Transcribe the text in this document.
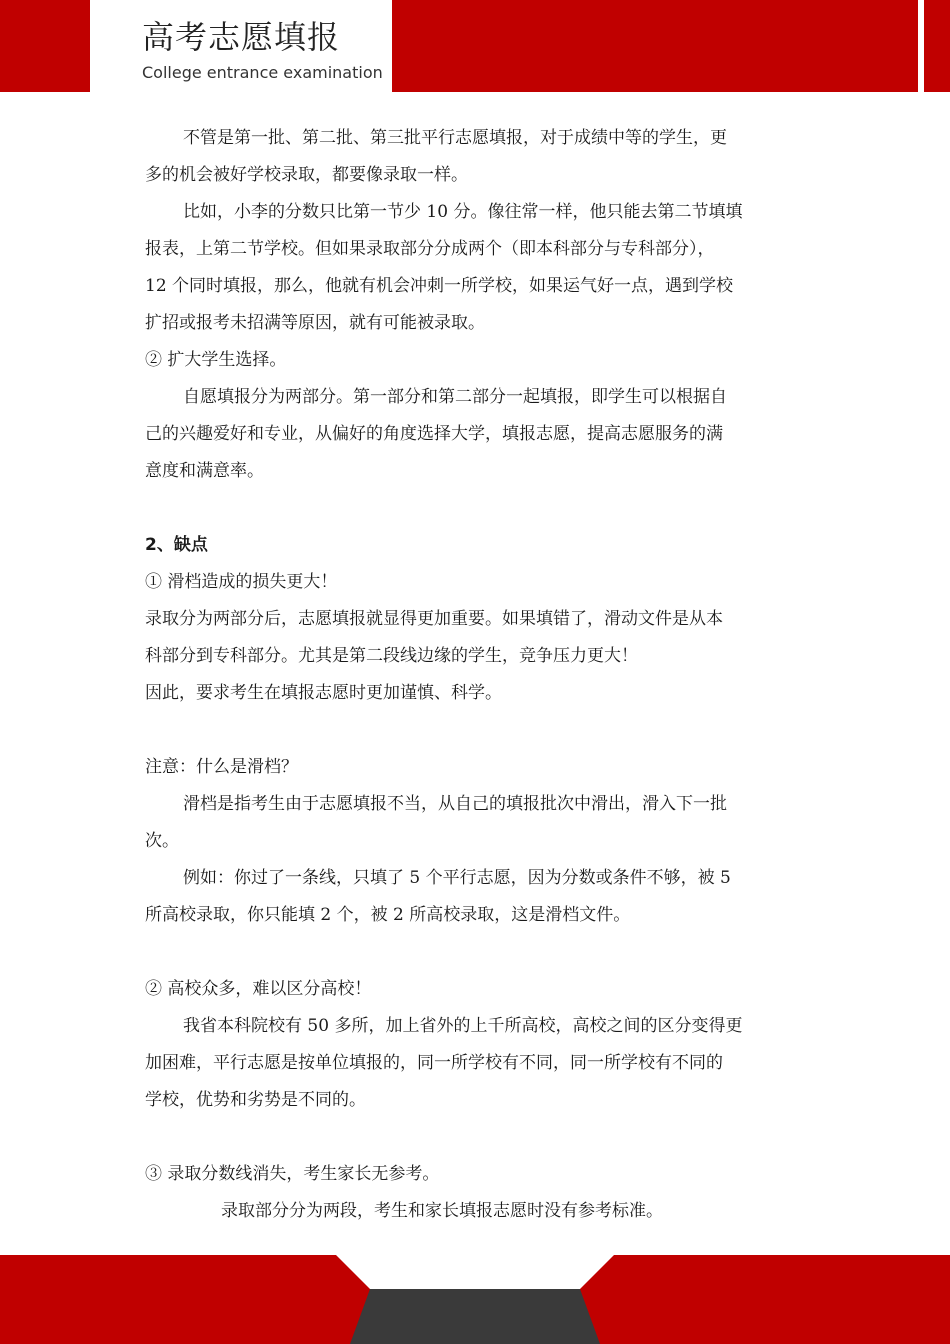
高考志愿填报
College entrance examination
不管是第一批、第二批、第三批平行志愿填报，对于成绩中等的学生，更
多的机会被好学校录取，都要像录取一样。
比如，小李的分数只比第一节少 10 分。像往常一样，他只能去第二节填填
报表，上第二节学校。但如果录取部分分成两个（即本科部分与专科部分），
12 个同时填报，那么，他就有机会冲刺一所学校，如果运气好一点，遇到学校
扩招或报考未招满等原因，就有可能被录取。
② 扩大学生选择。
自愿填报分为两部分。第一部分和第二部分一起填报，即学生可以根据自
己的兴趣爱好和专业，从偏好的角度选择大学，填报志愿，提高志愿服务的满
意度和满意率。
2、缺点
① 滑档造成的损失更大！
录取分为两部分后，志愿填报就显得更加重要。如果填错了，滑动文件是从本
科部分到专科部分。尤其是第二段线边缘的学生，竞争压力更大！
因此，要求考生在填报志愿时更加谨慎、科学。
注意：什么是滑档？
滑档是指考生由于志愿填报不当，从自己的填报批次中滑出，滑入下一批
次。
例如：你过了一条线，只填了 5 个平行志愿，因为分数或条件不够，被 5
所高校录取，你只能填 2 个，被 2 所高校录取，这是滑档文件。
② 高校众多，难以区分高校！
我省本科院校有 50 多所，加上省外的上千所高校，高校之间的区分变得更
加困难，平行志愿是按单位填报的，同一所学校有不同，同一所学校有不同的
学校，优势和劣势是不同的。
③ 录取分数线消失，考生家长无参考。
录取部分分为两段，考生和家长填报志愿时没有参考标准。
